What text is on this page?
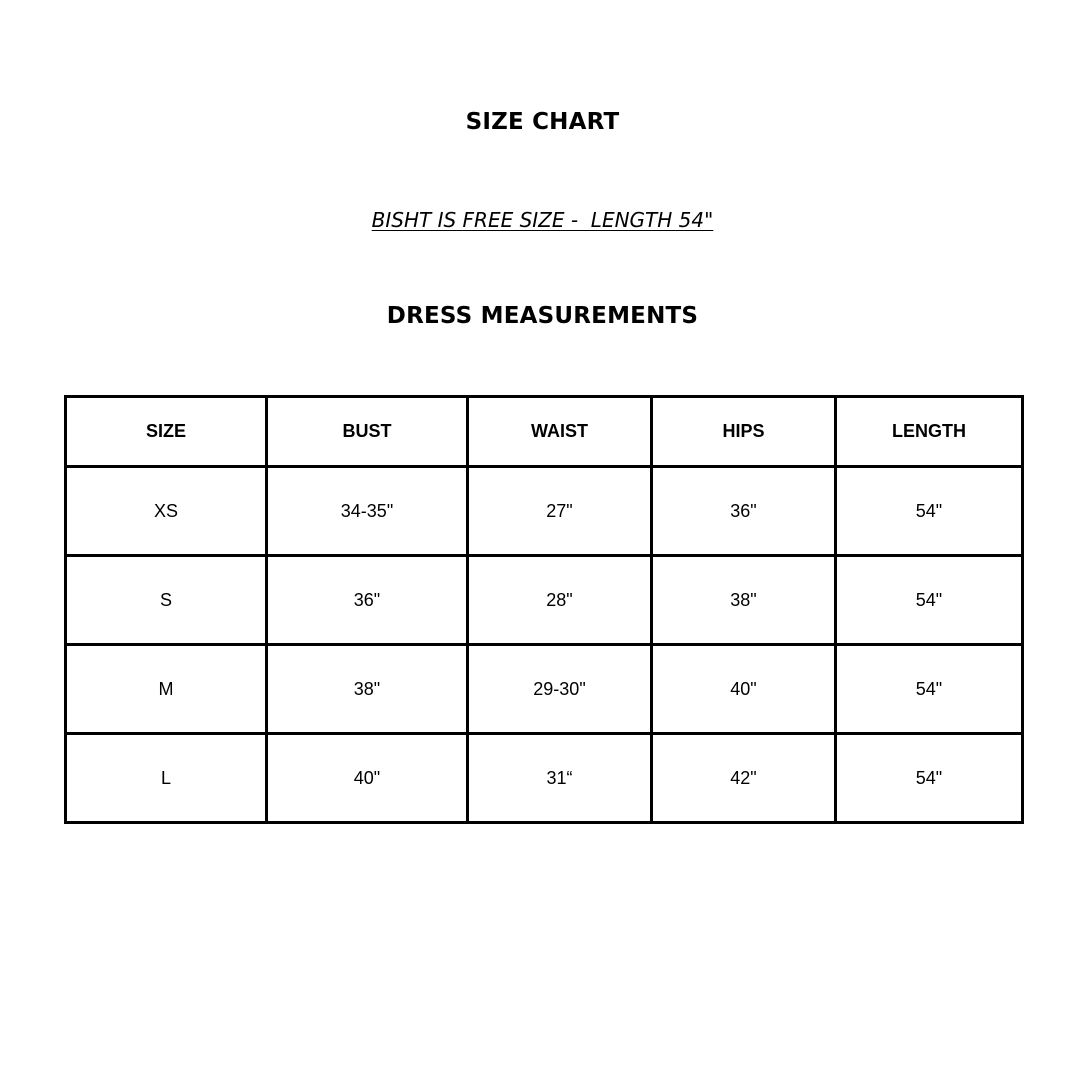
SIZE CHART
BISHT IS FREE SIZE -  LENGTH 54"
DRESS MEASUREMENTS
SIZE	BUST	WAIST	HIPS	LENGTH
XS	34-35"	27"	36"	54"
S	36"	28"	38"	54"
M	38"	29-30"	40"	54"
L	40"	31“	42"	54"
